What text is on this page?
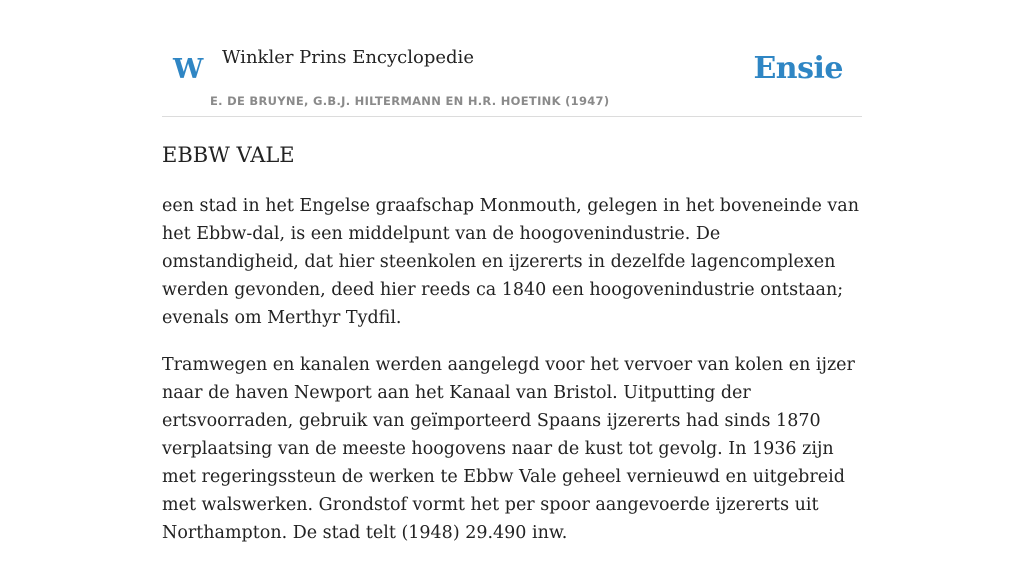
W Winkler Prins Encyclopedie
E. DE BRUYNE, G.B.J. HILTERMANN EN H.R. HOETINK (1947)
Ensie
EBBW VALE

een stad in het Engelse graafschap Monmouth, gelegen in het boveneinde van het Ebbw-dal, is een middelpunt van de hoogovenindustrie. De omstandigheid, dat hier steenkolen en ijzererts in dezelfde lagencomplexen werden gevonden, deed hier reeds ca 1840 een hoogovenindustrie ontstaan; evenals om Merthyr Tydfil.

Tramwegen en kanalen werden aangelegd voor het vervoer van kolen en ijzer naar de haven Newport aan het Kanaal van Bristol. Uitputting der ertsvoorraden, gebruik van geïmporteerd Spaans ijzererts had sinds 1870 verplaatsing van de meeste hoogovens naar de kust tot gevolg. In 1936 zijn met regeringssteun de werken te Ebbw Vale geheel vernieuwd en uitgebreid met walswerken. Grondstof vormt het per spoor aangevoerde ijzererts uit Northampton. De stad telt (1948) 29.490 inw.
